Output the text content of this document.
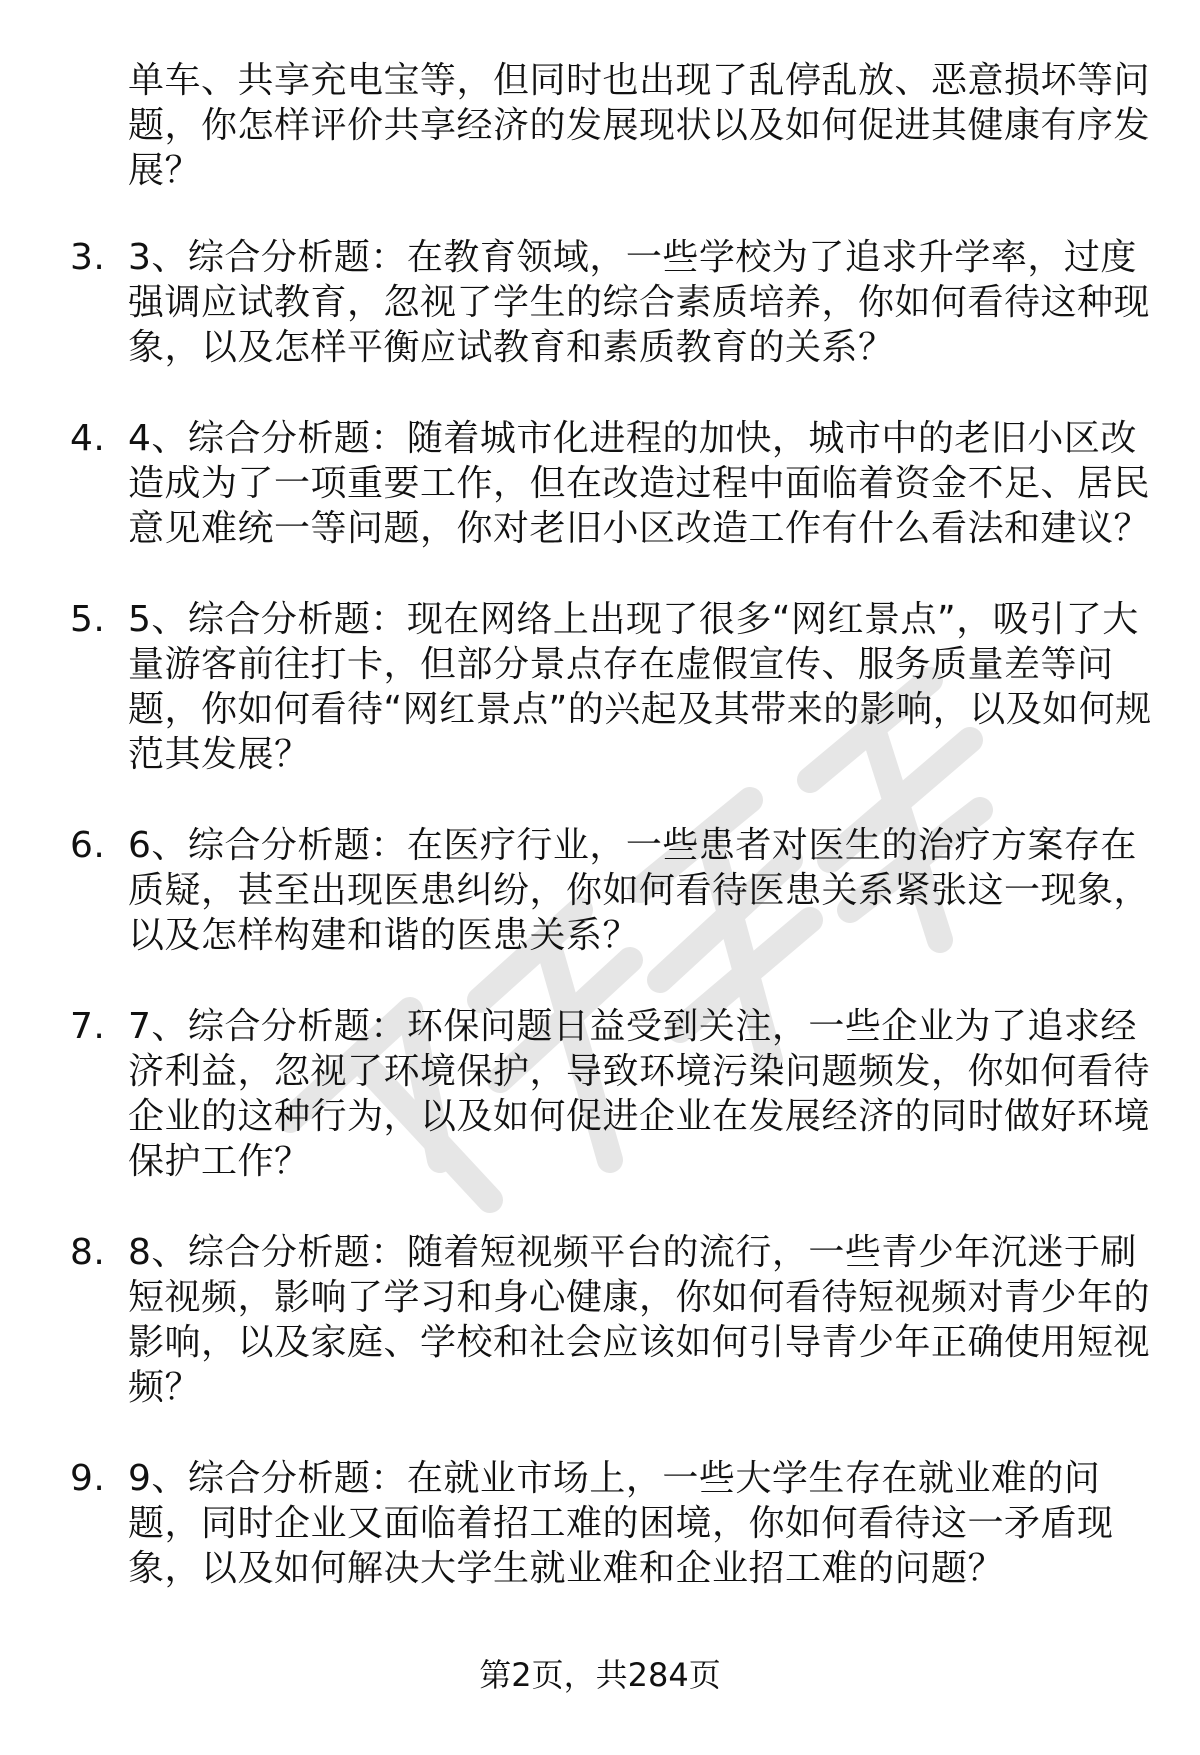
单车、共享充电宝等，但同时也出现了乱停乱放、恶意损坏等问题，你怎样评价共享经济的发展现状以及如何促进其健康有序发展？
3. 3、综合分析题：在教育领域，一些学校为了追求升学率，过度强调应试教育，忽视了学生的综合素质培养，你如何看待这种现象，以及怎样平衡应试教育和素质教育的关系？
4. 4、综合分析题：随着城市化进程的加快，城市中的老旧小区改造成为了一项重要工作，但在改造过程中面临着资金不足、居民意见难统一等问题，你对老旧小区改造工作有什么看法和建议？
5. 5、综合分析题：现在网络上出现了很多“网红景点”，吸引了大量游客前往打卡，但部分景点存在虚假宣传、服务质量差等问题，你如何看待“网红景点”的兴起及其带来的影响，以及如何规范其发展？
6. 6、综合分析题：在医疗行业，一些患者对医生的治疗方案存在质疑，甚至出现医患纠纷，你如何看待医患关系紧张这一现象，以及怎样构建和谐的医患关系？
7. 7、综合分析题：环保问题日益受到关注，一些企业为了追求经济利益，忽视了环境保护，导致环境污染问题频发，你如何看待企业的这种行为，以及如何促进企业在发展经济的同时做好环境保护工作？
8. 8、综合分析题：随着短视频平台的流行，一些青少年沉迷于刷短视频，影响了学习和身心健康，你如何看待短视频对青少年的影响，以及家庭、学校和社会应该如何引导青少年正确使用短视频？
9. 9、综合分析题：在就业市场上，一些大学生存在就业难的问题，同时企业又面临着招工难的困境，你如何看待这一矛盾现象，以及如何解决大学生就业难和企业招工难的问题？
第2页，共284页
